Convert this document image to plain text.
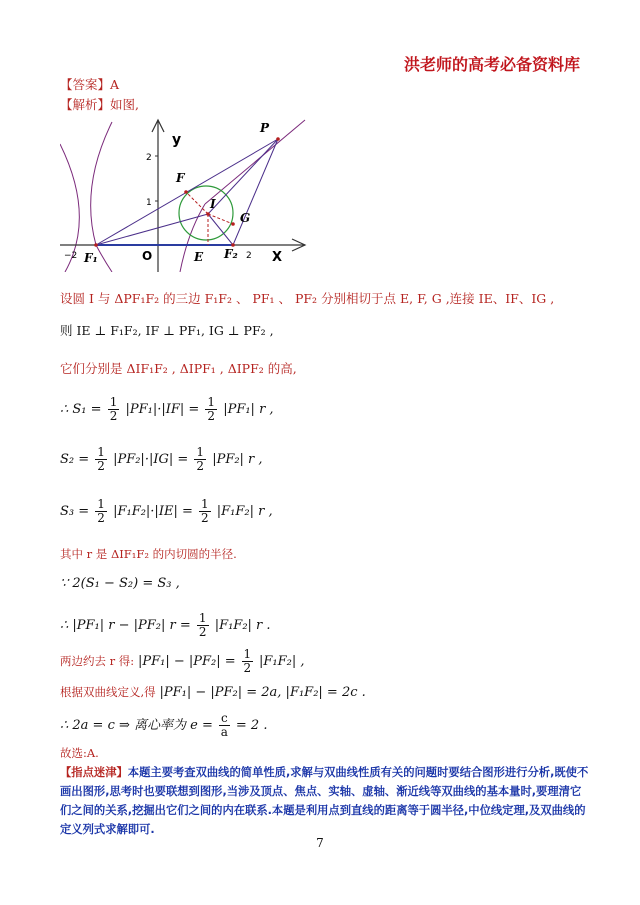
洪老师的高考必备资料库
【答案】A
【解析】如图,
y
P
F
I
G
F₁	O	E F₂	X
2
1
−2	2
设圆 I 与 ΔPF₁F₂ 的三边 F₁F₂ 、 PF₁ 、 PF₂ 分别相切于点 E, F, G ,连接 IE、IF、IG ,
则 IE ⊥ F₁F₂, IF ⊥ PF₁, IG ⊥ PF₂ ,
它们分别是 ΔIF₁F₂ , ΔIPF₁ , ΔIPF₂ 的高,
∴ $S_1 = \frac{1}{2} |PF_1|\cdot|IF| = \frac{1}{2} |PF_1|$ r ,
$S_2 = \frac{1}{2} |PF_2|\cdot|IG| = \frac{1}{2} |PF_2|$ r ,
$S_3 = \frac{1}{2} |F_1F_2|\cdot|IE| = \frac{1}{2} |F_1F_2|$ r ,
其中 r 是 ΔIF₁F₂ 的内切圆的半径.
∵ 2(S₁ − S₂) = S₃ ,
∴ |PF₁| r − |PF₂| $r = \frac{1}{2} |F_1F_2|$ r .
两边约去 r 得: $|PF_1| - |PF_2| = \frac{1}{2} |F_1F_2|$ ,
根据双曲线定义,得 |PF₁| − |PF₂| = 2a, |F₁F₂| = 2c .
∴ 2a = c ⇒ 离心率为 $e = \frac{c}{a} = 2$ .
故选:A.
【指点迷津】本题主要考查双曲线的简单性质,求解与双曲线性质有关的问题时要结合图形进行分析,既使不画出图形,思考时也要联想到图形,当涉及顶点、焦点、实轴、虚轴、渐近线等双曲线的基本量时,要理清它们之间的关系,挖掘出它们之间的内在联系.本题是利用点到直线的距离等于圆半径,中位线定理,及双曲线的定义列式求解即可.
7
